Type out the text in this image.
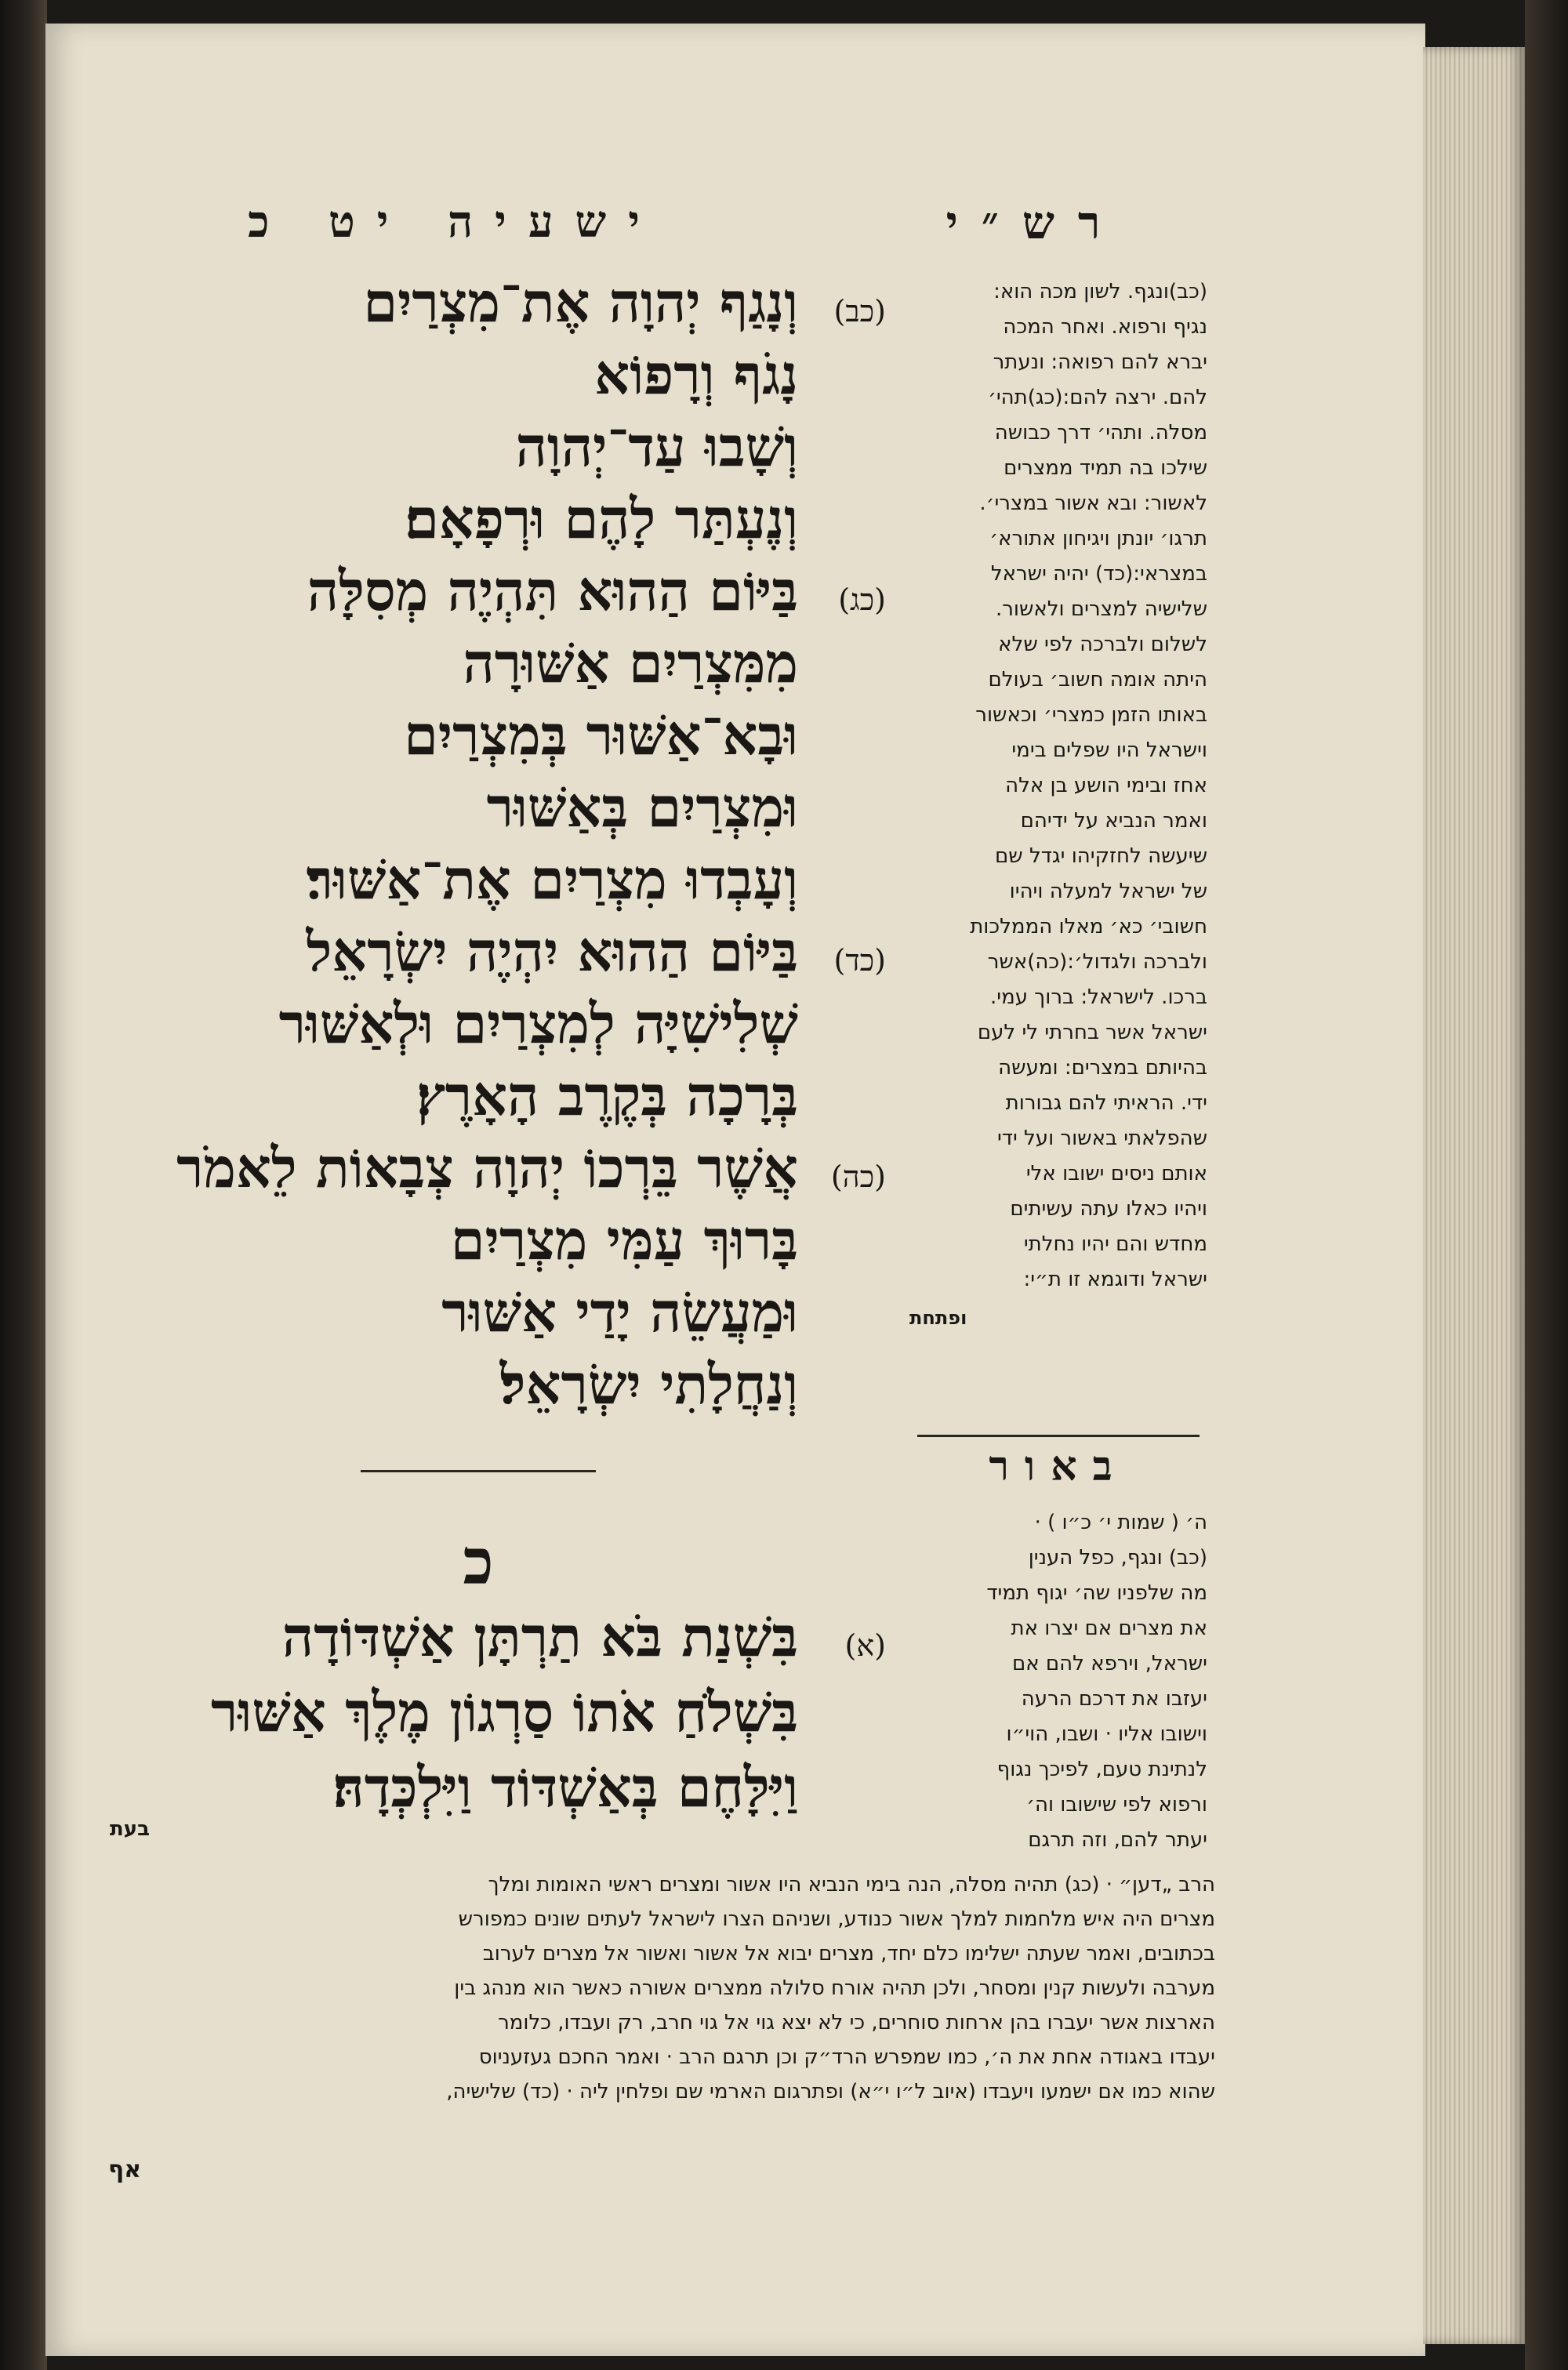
ישעיה יט כ	רש״י
(כב)וְנָגַף יְהוָה אֶת־מִצְרַיִם
נָגֹף וְרָפוֹא
וְשָׁבוּ עַד־יְהוָה
וְנֶעְתַּר לָהֶם וּרְפָאָם׃
(כג)בַּיּוֹם הַהוּא תִּהְיֶה מְסִלָּה
מִמִּצְרַיִם אַשּׁוּרָה
וּבָא־אַשּׁוּר בְּמִצְרַיִם
וּמִצְרַיִם בְּאַשּׁוּר
וְעָבְדוּ מִצְרַיִם אֶת־אַשּׁוּר׃
(כד)בַּיּוֹם הַהוּא יִהְיֶה יִשְׂרָאֵל
שְׁלִישִׁיָּה לְמִצְרַיִם וּלְאַשּׁוּר
בְּרָכָה בְּקֶרֶב הָאָרֶץ׃
(כה)אֲשֶׁר בֵּרְכוֹ יְהוָה צְבָאוֹת לֵאמֹר
בָּרוּךְ עַמִּי מִצְרַיִם
וּמַעֲשֵׂה יָדַי אַשּׁוּר
וְנַחֲלָתִי יִשְׂרָאֵל׃
(כב)ונגף. לשון מכה הוא:
נגיף ורפוא. ואחר המכה
יברא להם רפואה: ונעתר
להם. ירצה להם:(כג)תהי׳
מסלה. ותהי׳ דרך כבושה
שילכו בה תמיד ממצרים
לאשור: ובא אשור במצרי׳.
תרגו׳ יונתן ויגיחון אתורא׳
במצראי:(כד) יהיה ישראל
שלישיה למצרים ולאשור.
לשלום ולברכה לפי שלא
היתה אומה חשוב׳ בעולם
באותו הזמן כמצרי׳ וכאשור
וישראל היו שפלים בימי
אחז ובימי הושע בן אלה
ואמר הנביא על ידיהם
שיעשה לחזקיהו יגדל שם
של ישראל למעלה ויהיו
חשובי׳ כא׳ מאלו הממלכות
ולברכה ולגדול׳:(כה)אשר
ברכו. לישראל: ברוך עמי.
ישראל אשר בחרתי לי לעם
בהיותם במצרים: ומעשה
ידי. הראיתי להם גבורות
שהפלאתי באשור ועל ידי
אותם ניסים ישובו אלי
ויהיו כאלו עתה עשיתים
מחדש והם יהיו נחלתי
ישראל ודוגמא זו ת״י:
ופתחת
באור
ה׳ ( שמות י׳ כ״ו ) ·
(כב) ונגף, כפל הענין
מה שלפניו שה׳ יגוף תמיד
את מצרים אם יצרו את
ישראל, וירפא להם אם
יעזבו את דרכם הרעה
וישובו אליו · ושבו, הוי״ו
לנתינת טעם, לפיכך נגוף
ורפוא לפי שישובו וה׳
יעתר להם, וזה תרגם
כ
(א)בִּשְׁנַת בֹּא תַרְתָּן אַשְׁדּוֹדָה
בִּשְׁלֹחַ אֹתוֹ סַרְגוֹן מֶלֶךְ אַשּׁוּר
וַיִּלָּחֶם בְּאַשְׁדּוֹד וַיִּלְכְּדָהּ׃
בעת
הרב „דען״ · (כג) תהיה מסלה, הנה בימי הנביא היו אשור ומצרים ראשי האומות ומלך
מצרים היה איש מלחמות למלך אשור כנודע, ושניהם הצרו לישראל לעתים שונים כמפורש
בכתובים, ואמר שעתה ישלימו כלם יחד, מצרים יבוא אל אשור ואשור אל מצרים לערוב
מערבה ולעשות קנין ומסחר, ולכן תהיה אורח סלולה ממצרים אשורה כאשר הוא מנהג בין
הארצות אשר יעברו בהן ארחות סוחרים, כי לא יצא גוי אל גוי חרב, רק ועבדו, כלומר
יעבדו באגודה אחת את ה׳, כמו שמפרש הרד״ק וכן תרגם הרב · ואמר החכם געזעניוס
שהוא כמו אם ישמעו ויעבדו (איוב ל״ו י״א) ופתרגום הארמי שם ופלחין ליה · (כד) שלישיה,
אף
